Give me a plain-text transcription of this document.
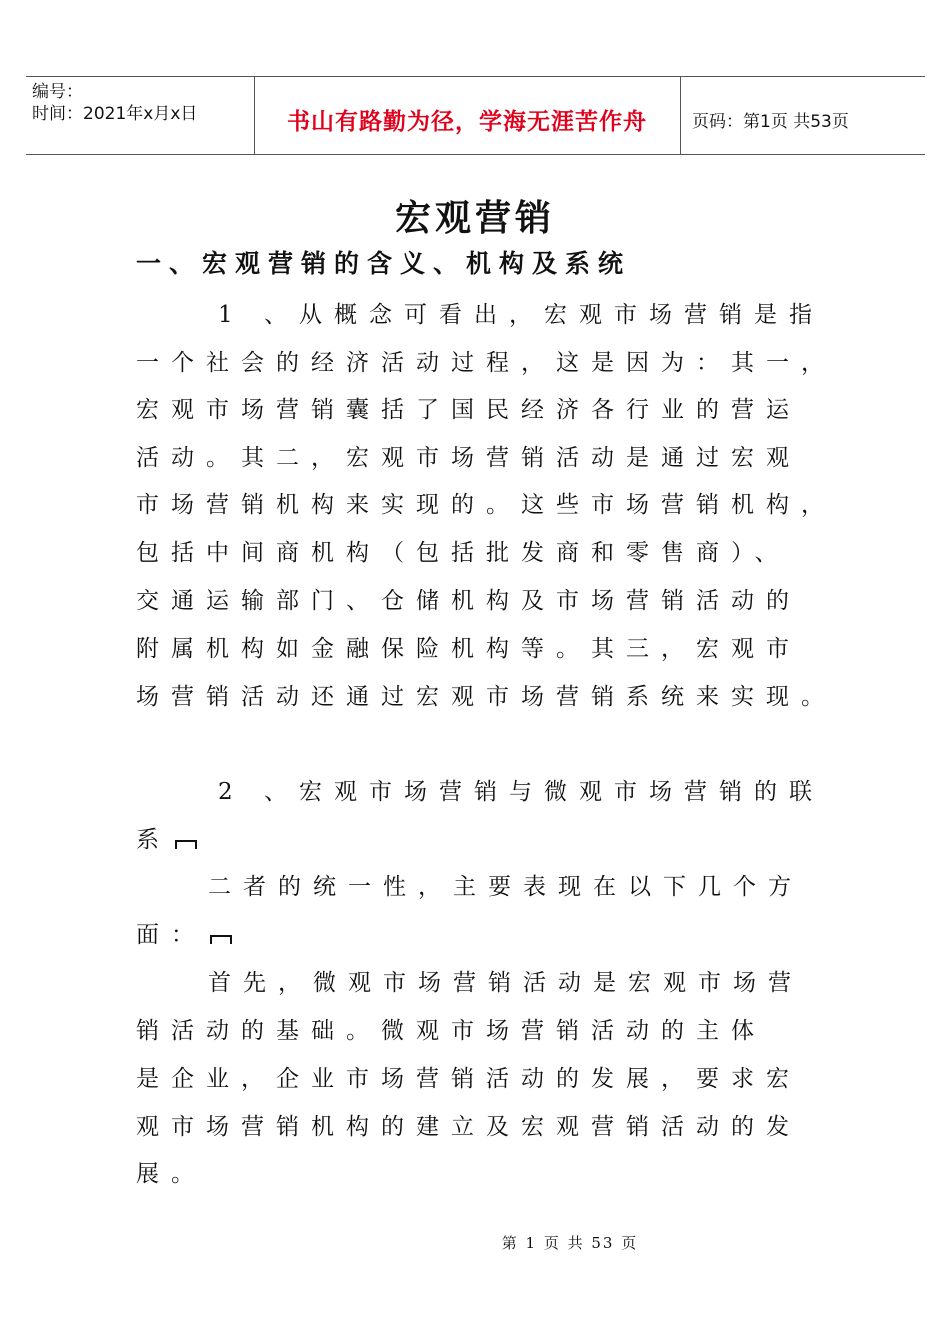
编号：
时间：2021年x月x日	书山有路勤为径，学海无涯苦作舟	页码：第1页 共53页
宏观营销
一、宏观营销的含义、机构及系统
1 、从概念可看出，宏观市场营销是指
一个社会的经济活动过程，这是因为：其一，
宏观市场营销囊括了国民经济各行业的营运
活动。其二，宏观市场营销活动是通过宏观
市场营销机构来实现的。这些市场营销机构，
包括中间商机构（包括批发商和零售商）、
交通运输部门、仓储机构及市场营销活动的
附属机构如金融保险机构等。其三，宏观市
场营销活动还通过宏观市场营销系统来实现。
2 、宏观市场营销与微观市场营销的联
系
二者的统一性，主要表现在以下几个方
面：
首先，微观市场营销活动是宏观市场营
销活动的基础。微观市场营销活动的主体
是企业，企业市场营销活动的发展，要求宏
观市场营销机构的建立及宏观营销活动的发
展。
第 1 页 共 53 页
